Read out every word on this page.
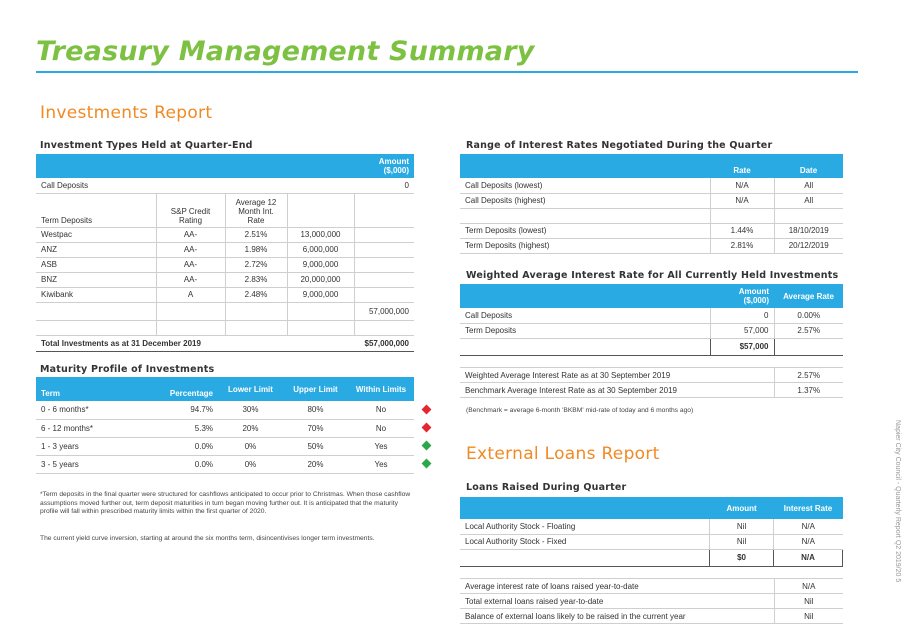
Treasury Management Summary
Investments Report
Investment Types Held at Quarter-End
				Amount ($,000)
Call Deposits				0
Term Deposits	S&P Credit Rating	Average 12 Month Int. Rate		
Westpac	AA-	2.51%	13,000,000	
ANZ	AA-	1.98%	6,000,000	
ASB	AA-	2.72%	9,000,000	
BNZ	AA-	2.83%	20,000,000	
Kiwibank	A	2.48%	9,000,000	
				57,000,000

Total Investments as at 31 December 2019				$57,000,000
Maturity Profile of Investments
Term	Percentage	Lower Limit	Upper Limit	Within Limits
0 - 6 months*	94.7%	30%	80%	No
6 - 12 months*	5.3%	20%	70%	No
1 - 3 years	0.0%	0%	50%	Yes
3 - 5 years	0.0%	0%	20%	Yes
*Term deposits in the final quarter were structured for cashflows anticipated to occur prior to Christmas. When those cashflow assumptions moved further out, term deposit maturities in turn began moving further out. It is anticipated that the maturity profile will fall within prescribed maturity limits within the first quarter of 2020.
The current yield curve inversion, starting at around the six months term, disincentivises longer term investments.
Range of Interest Rates Negotiated During the Quarter
	Rate	Date
Call Deposits (lowest)	N/A	All
Call Deposits (highest)	N/A	All

Term Deposits (lowest)	1.44%	18/10/2019
Term Deposits (highest)	2.81%	20/12/2019
Weighted Average Interest Rate for All Currently Held Investments
	Amount ($,000)	Average Rate
Call Deposits	0	0.00%
Term Deposits	57,000	2.57%
	$57,000	
Weighted Average Interest Rate as at 30 September 2019	2.57%
Benchmark Average Interest Rate as at 30 September 2019	1.37%
(Benchmark = average 6-month 'BKBM' mid-rate of today and 6 months ago)
External Loans Report
Loans Raised During Quarter
	Amount	Interest Rate
Local Authority Stock - Floating	Nil	N/A
Local Authority Stock - Fixed	Nil	N/A
	$0	N/A
Average interest rate of loans raised year-to-date	N/A
Total external loans raised year-to-date	Nil
Balance of external loans likely to be raised in the current year	Nil
Napier City Council - Quarterly Report Q2 2019/20 5
